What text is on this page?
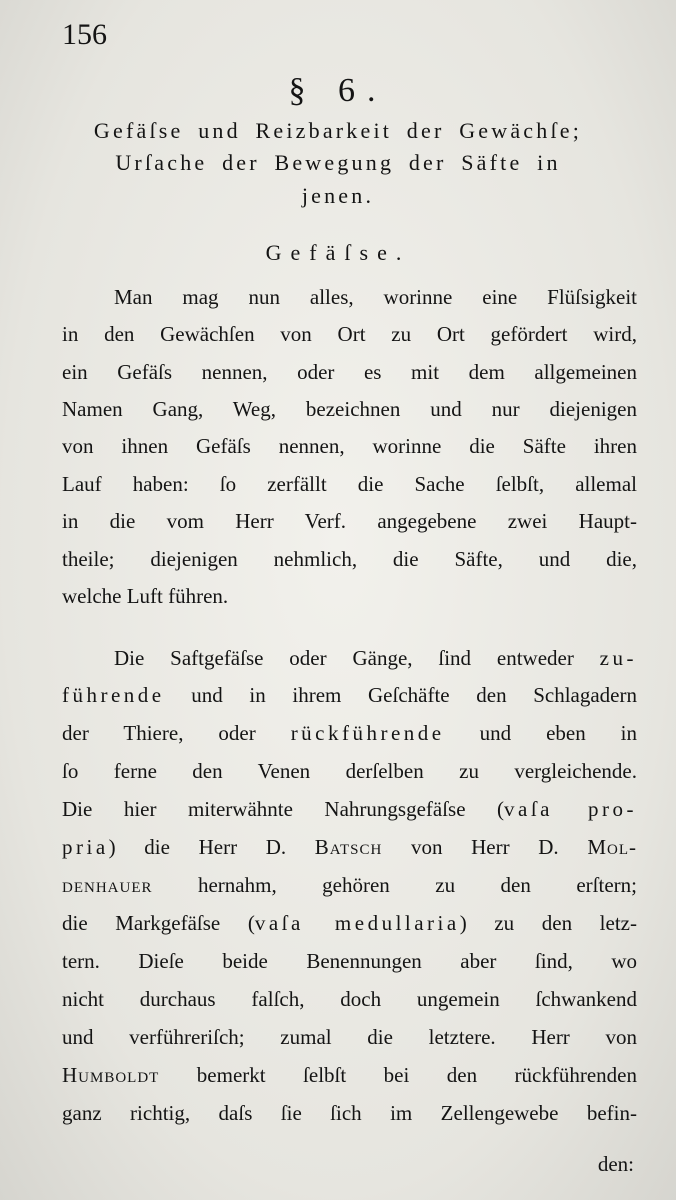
156
§ 6.
Gefäſse und Reizbarkeit der Gewächſe;
Urſache der Bewegung der Säfte in
jenen.
Gefäſse.
Man mag nun alles, worinne eine Flüſsigkeit
in den Gewächſen von Ort zu Ort gefördert wird,
ein Gefäſs nennen, oder es mit dem allgemeinen
Namen Gang, Weg, bezeichnen und nur diejenigen
von ihnen Gefäſs nennen, worinne die Säfte ihren
Lauf haben: ſo zerfällt die Sache ſelbſt, allemal
in die vom Herr Verf. angegebene zwei Haupt-
theile; diejenigen nehmlich, die Säfte, und die,
welche Luft führen.
Die Saftgefäſse oder Gänge, ſind entweder zu-
führende und in ihrem Geſchäfte den Schlagadern
der Thiere, oder rückführende und eben in
ſo ferne den Venen derſelben zu vergleichende.
Die hier miterwähnte Nahrungsgefäſse (vaſa pro-
pria) die Herr D. Batsch von Herr D. Mol-
denhauer hernahm, gehören zu den erſtern;
die Markgefäſse (vaſa medullaria) zu den letz-
tern. Dieſe beide Benennungen aber ſind, wo
nicht durchaus falſch, doch ungemein ſchwankend
und verführeriſch; zumal die letztere. Herr von
Humboldt bemerkt ſelbſt bei den rückführenden
ganz richtig, daſs ſie ſich im Zellengewebe befin-
den:
